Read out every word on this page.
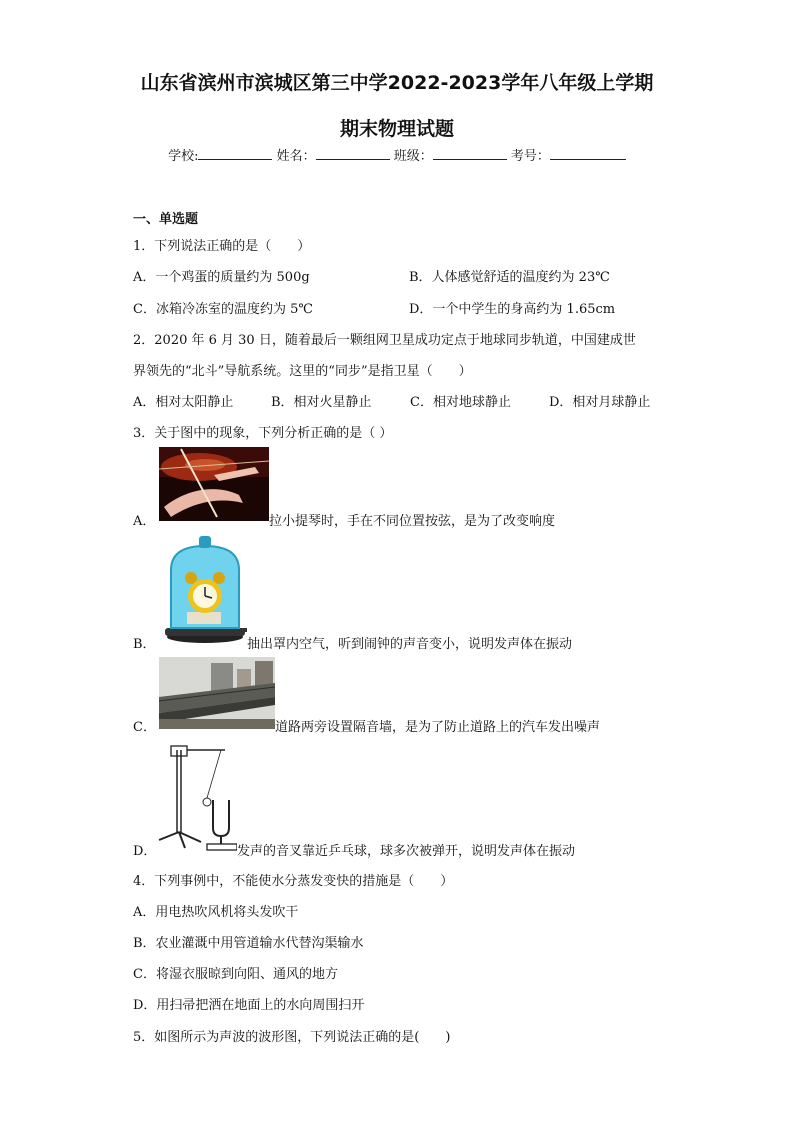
山东省滨州市滨城区第三中学2022-2023学年八年级上学期
期末物理试题
学校:	姓名：	班级：	考号：
一、单选题
1．下列说法正确的是（　　）
A．一个鸡蛋的质量约为 500g	B．人体感觉舒适的温度约为 23℃
C．冰箱冷冻室的温度约为 5℃	D．一个中学生的身高约为 1.65cm
2．2020 年 6 月 30 日，随着最后一颗组网卫星成功定点于地球同步轨道，中国建成世
界领先的“北斗”导航系统。这里的“同步”是指卫星（　　）
A．相对太阳静止	B．相对火星静止	C．相对地球静止	D．相对月球静止
3．关于图中的现象，下列分析正确的是（ ）
A．	拉小提琴时，手在不同位置按弦，是为了改变响度
B．	抽出罩内空气，听到闹钟的声音变小，说明发声体在振动
C．	道路两旁设置隔音墙，是为了防止道路上的汽车发出噪声
D．	发声的音叉靠近乒乓球，球多次被弹开，说明发声体在振动
4．下列事例中，不能使水分蒸发变快的措施是（　　）
A．用电热吹风机将头发吹干
B．农业灌溉中用管道输水代替沟渠输水
C．将湿衣服晾到向阳、通风的地方
D．用扫帚把洒在地面上的水向周围扫开
5．如图所示为声波的波形图，下列说法正确的是(　　)
